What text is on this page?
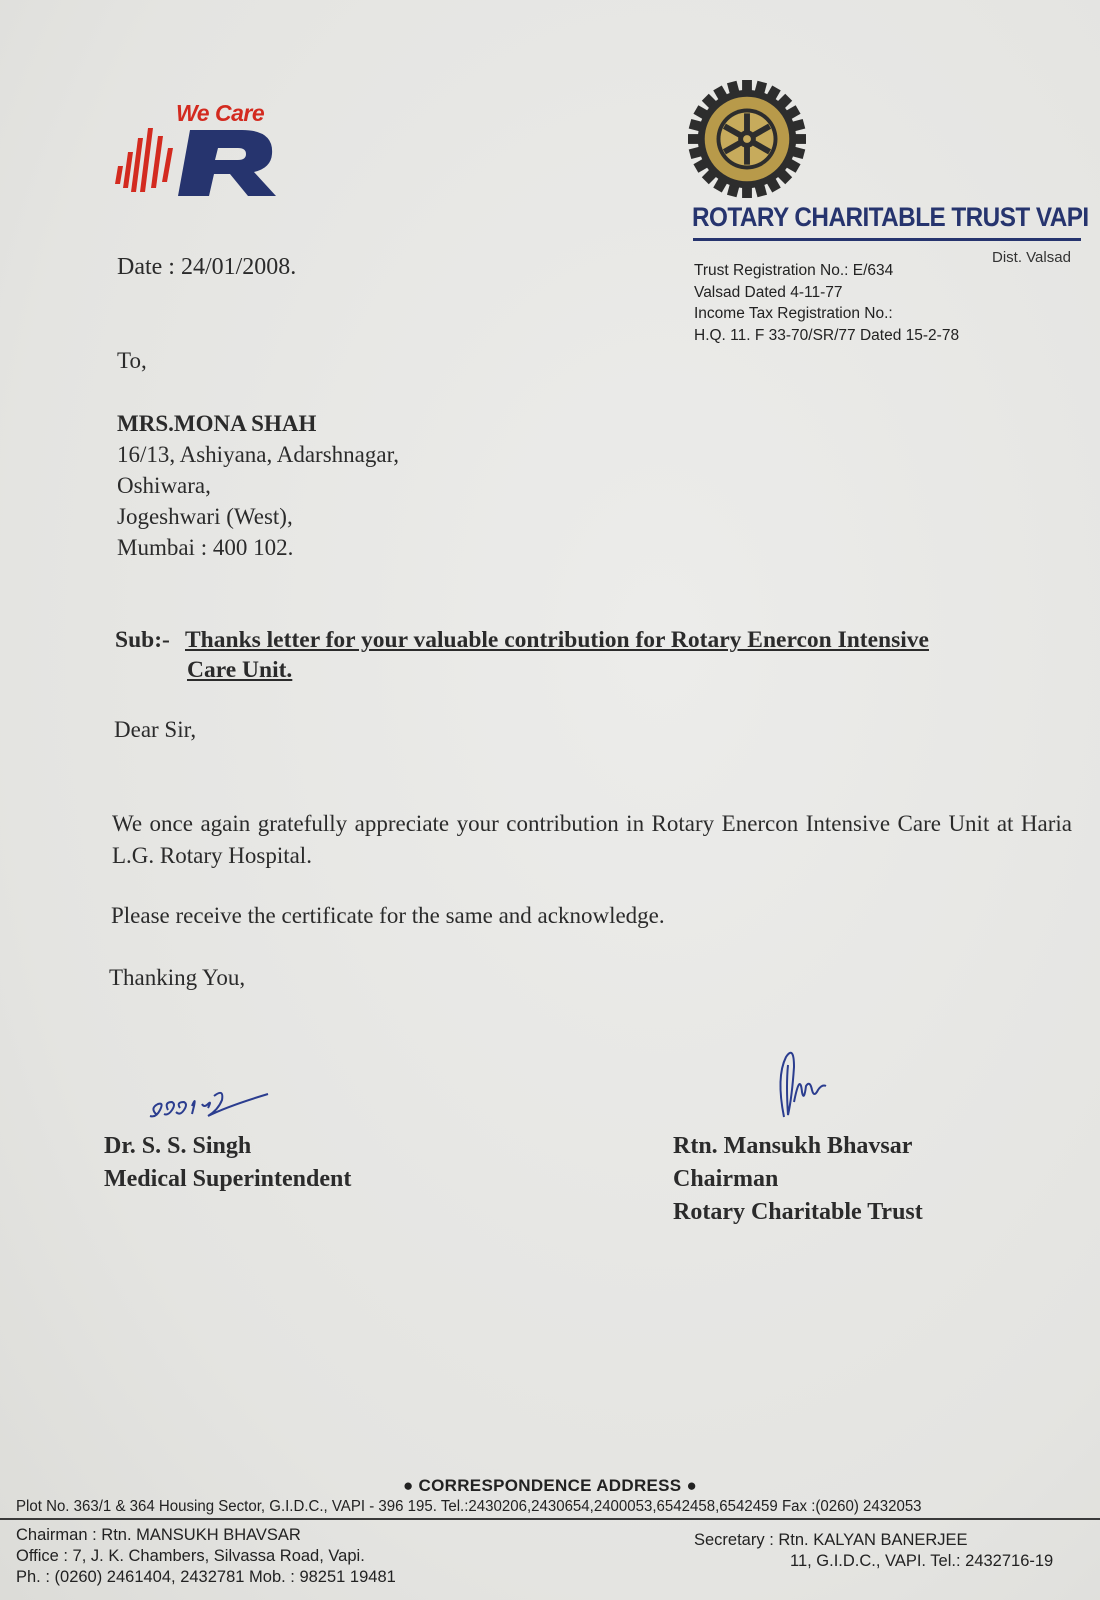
We Care
ROTARY CHARITABLE TRUST VAPI
Dist. Valsad
Trust Registration No.: E/634
Valsad Dated 4-11-77
Income Tax Registration No.:
H.Q. 11. F 33-70/SR/77 Dated 15-2-78
Date : 24/01/2008.
To,
MRS.MONA SHAH
16/13, Ashiyana, Adarshnagar,
Oshiwara,
Jogeshwari (West),
Mumbai : 400 102.
Sub:- Thanks letter for your valuable contribution for Rotary Enercon Intensive
Care Unit.
Dear Sir,
We once again gratefully appreciate your contribution in Rotary Enercon Intensive Care Unit at Haria L.G. Rotary Hospital.
Please receive the certificate for the same and acknowledge.
Thanking You,
Dr. S. S. Singh
Medical Superintendent
Rtn. Mansukh Bhavsar
Chairman
Rotary Charitable Trust
● CORRESPONDENCE ADDRESS ●
Plot No. 363/1 & 364 Housing Sector, G.I.D.C., VAPI - 396 195. Tel.:2430206,2430654,2400053,6542458,6542459 Fax :(0260) 2432053
Chairman : Rtn. MANSUKH BHAVSAR
Office : 7, J. K. Chambers, Silvassa Road, Vapi.
Ph. : (0260) 2461404, 2432781 Mob. : 98251 19481
Secretary : Rtn. KALYAN BANERJEE
11, G.I.D.C., VAPI. Tel.: 2432716-19
